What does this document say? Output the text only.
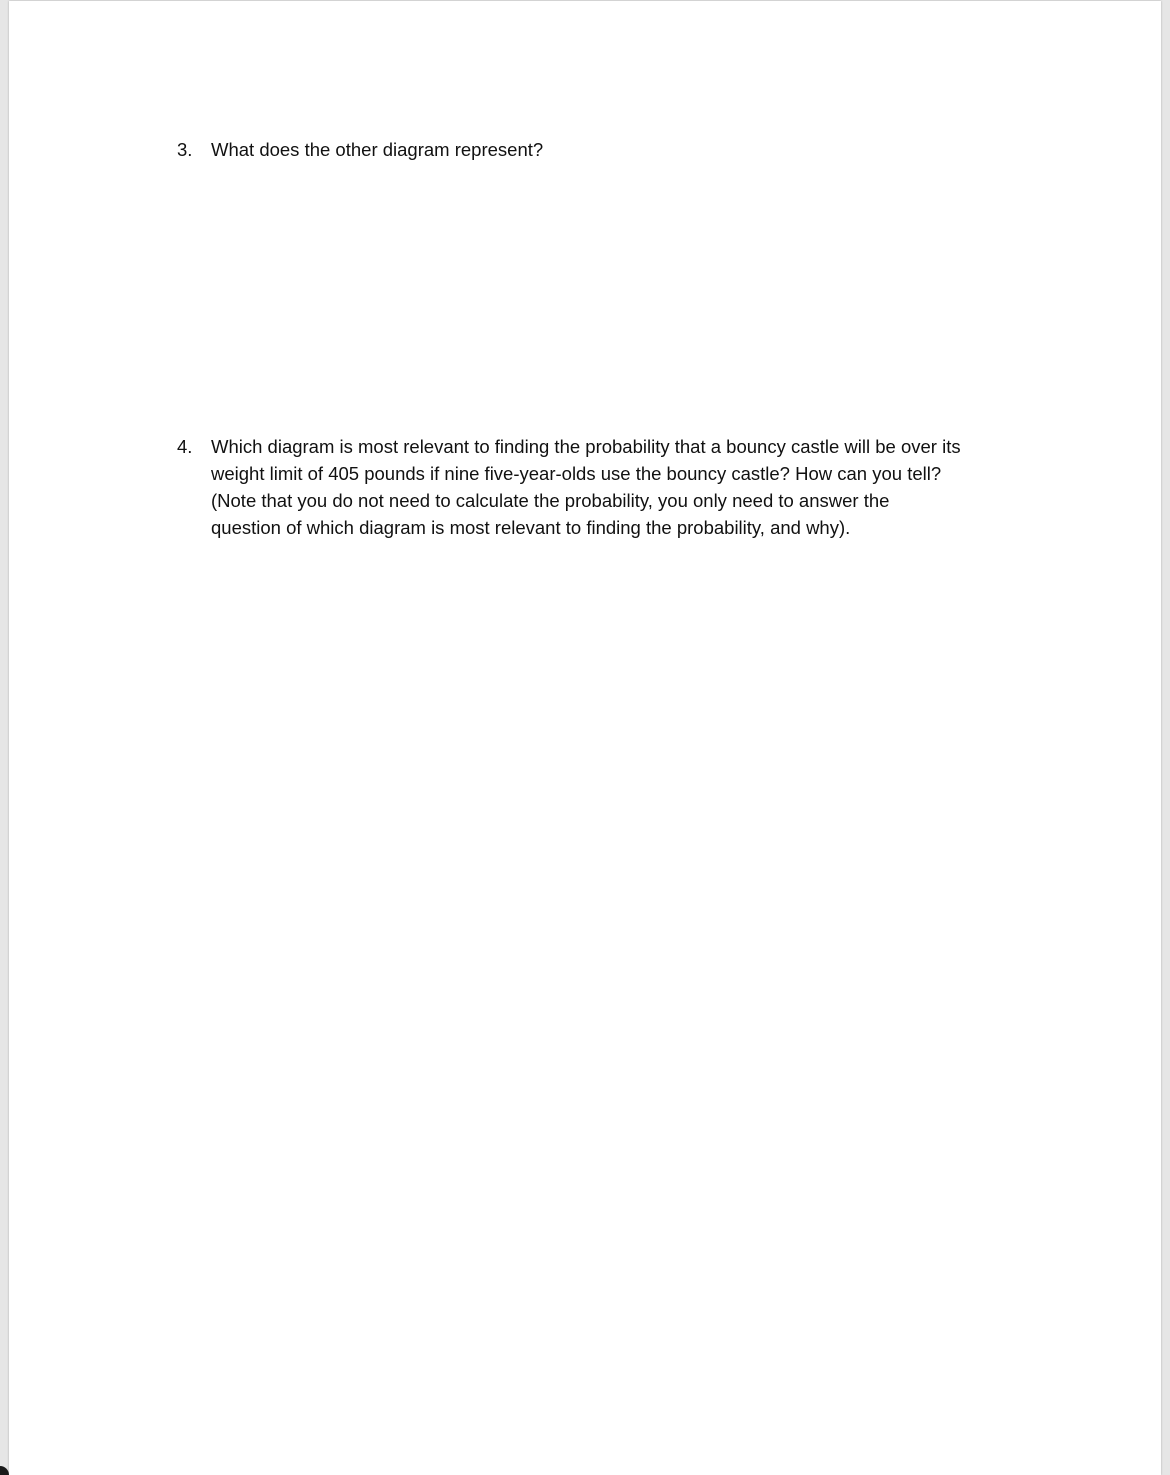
3.	What does the other diagram represent?
4.	Which diagram is most relevant to finding the probability that a bouncy castle will be over its
weight limit of 405 pounds if nine five-year-olds use the bouncy castle? How can you tell?
(Note that you do not need to calculate the probability, you only need to answer the
question of which diagram is most relevant to finding the probability, and why).
